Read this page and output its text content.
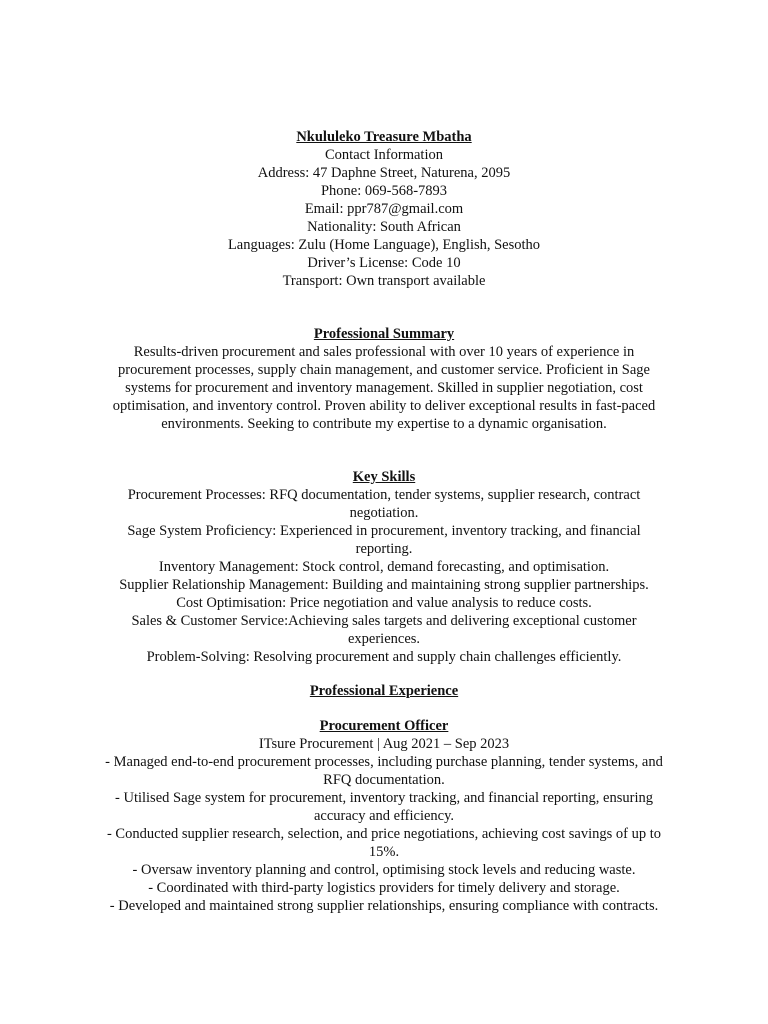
Nkululeko Treasure Mbatha
Contact Information
Address: 47 Daphne Street, Naturena, 2095
Phone: 069-568-7893
Email: ppr787@gmail.com
Nationality: South African
Languages: Zulu (Home Language), English, Sesotho
Driver’s License: Code 10
Transport: Own transport available
Professional Summary
Results-driven procurement and sales professional with over 10 years of experience in
procurement processes, supply chain management, and customer service. Proficient in Sage
systems for procurement and inventory management. Skilled in supplier negotiation, cost
optimisation, and inventory control. Proven ability to deliver exceptional results in fast-paced
environments. Seeking to contribute my expertise to a dynamic organisation.
Key Skills
Procurement Processes: RFQ documentation, tender systems, supplier research, contract
negotiation.
Sage System Proficiency: Experienced in procurement, inventory tracking, and financial
reporting.
Inventory Management: Stock control, demand forecasting, and optimisation.
Supplier Relationship Management: Building and maintaining strong supplier partnerships.
Cost Optimisation: Price negotiation and value analysis to reduce costs.
Sales & Customer Service:Achieving sales targets and delivering exceptional customer
experiences.
Problem-Solving: Resolving procurement and supply chain challenges efficiently.
Professional Experience
Procurement Officer
ITsure Procurement | Aug 2021 – Sep 2023
- Managed end-to-end procurement processes, including purchase planning, tender systems, and
RFQ documentation.
- Utilised Sage system for procurement, inventory tracking, and financial reporting, ensuring
accuracy and efficiency.
- Conducted supplier research, selection, and price negotiations, achieving cost savings of up to
15%.
- Oversaw inventory planning and control, optimising stock levels and reducing waste.
- Coordinated with third-party logistics providers for timely delivery and storage.
- Developed and maintained strong supplier relationships, ensuring compliance with contracts.
